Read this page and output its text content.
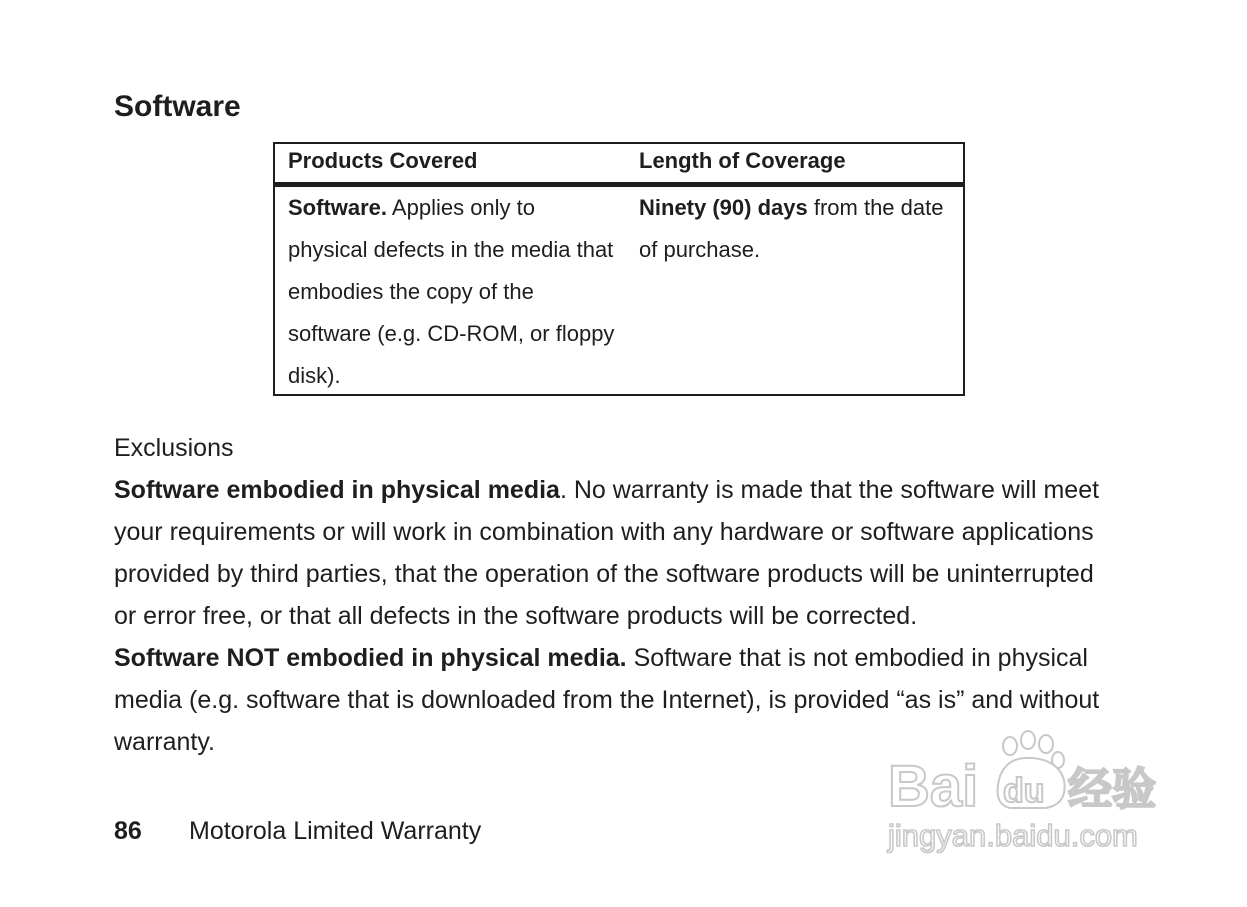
Software
Products Covered	Length of Coverage

Software. Applies only to physical defects in the media that embodies the copy of the software (e.g. CD-ROM, or floppy disk).

Ninety (90) days from the date of purchase.

Exclusions

Software embodied in physical media. No warranty is made that the software will meet your requirements or will work in combination with any hardware or software applications provided by third parties, that the operation of the software products will be uninterrupted or error free, or that all defects in the software products will be corrected.

Software NOT embodied in physical media. Software that is not embodied in physical media (e.g. software that is downloaded from the Internet), is provided “as is” and without warranty.

86 Motorola Limited Warranty
Bai du 经验
jingyan.baidu.com
